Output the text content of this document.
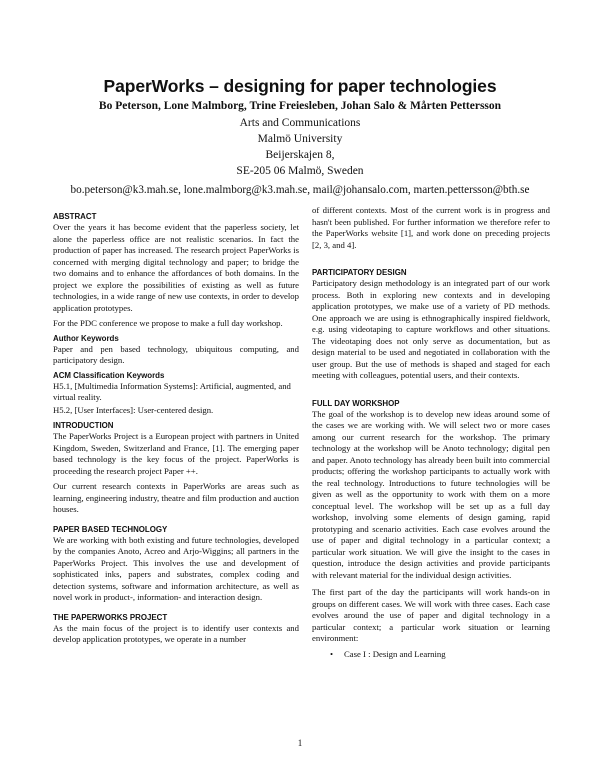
PaperWorks – designing for paper technologies
Bo Peterson, Lone Malmborg, Trine Freiesleben, Johan Salo & Mårten Pettersson
Arts and Communications
Malmö University
Beijerskajen 8,
SE-205 06 Malmö, Sweden
bo.peterson@k3.mah.se, lone.malmborg@k3.mah.se, mail@johansalo.com, marten.pettersson@bth.se
ABSTRACT
Over the years it has become evident that the paperless society, let alone the paperless office are not realistic scenarios. In fact the production of paper has increased. The research project PaperWorks is concerned with merging digital technology and paper; to bridge the two domains and to enhance the affordances of both domains. In the project we explore the possibilities of existing as well as future technologies, in a wide range of new use contexts, in order to develop application prototypes.
For the PDC conference we propose to make a full day workshop.
Author Keywords
Paper and pen based technology, ubiquitous computing, and participatory design.
ACM Classification Keywords
H5.1, [Multimedia Information Systems]: Artificial, augmented, and virtual reality.
H5.2, [User Interfaces]: User-centered design.
INTRODUCTION
The PaperWorks Project is a European project with partners in United Kingdom, Sweden, Switzerland and France, [1]. The emerging paper based technology is the key focus of the project. PaperWorks is proceeding the research project Paper ++.
Our current research contexts in PaperWorks are areas such as learning, engineering industry, theatre and film production and auction houses.
PAPER BASED TECHNOLOGY
We are working with both existing and future technologies, developed by the companies Anoto, Acreo and Arjo-Wiggins; all partners in the PaperWorks Project. This involves the use and development of sophisticated inks, papers and substrates, complex coding and detection systems, software and information architecture, as well as novel work in product-, information- and interaction design.
THE PAPERWORKS PROJECT
As the main focus of the project is to identify user contexts and develop application prototypes, we operate in a number
of different contexts. Most of the current work is in progress and hasn't been published. For further information we therefore refer to the PaperWorks website [1], and work done on preceding projects [2, 3, and 4].
PARTICIPATORY DESIGN
Participatory design methodology is an integrated part of our work process. Both in exploring new contexts and in developing application prototypes, we make use of a variety of PD methods. One approach we are using is ethnographically inspired fieldwork, e.g. using videotaping to capture workflows and other situations. The videotaping does not only serve as documentation, but as design material to be used and negotiated in collaboration with the user group. But the use of methods is shaped and staged for each meeting with colleagues, potential users, and their contexts.
FULL DAY WORKSHOP
The goal of the workshop is to develop new ideas around some of the cases we are working with. We will select two or more cases among our current research for the workshop. The primary technology at the workshop will be Anoto technology; digital pen and paper. Anoto technology has already been built into commercial products; offering the workshop participants to actually work with the real technology. Introductions to future technologies will be given as well as the opportunity to work with them on a more conceptual level. The workshop will be set up as a full day workshop, involving some elements of design gaming, rapid prototyping and scenario activities. Each case evolves around the use of paper and digital technology in a particular context; a particular work situation. We will give the insight to the cases in question, introduce the design activities and provide participants with relevant material for the individual design activities.
The first part of the day the participants will work hands-on in groups on different cases. We will work with three cases. Each case evolves around the use of paper and digital technology in a particular context; a particular work situation or learning environment:
•	Case I : Design and Learning
1
